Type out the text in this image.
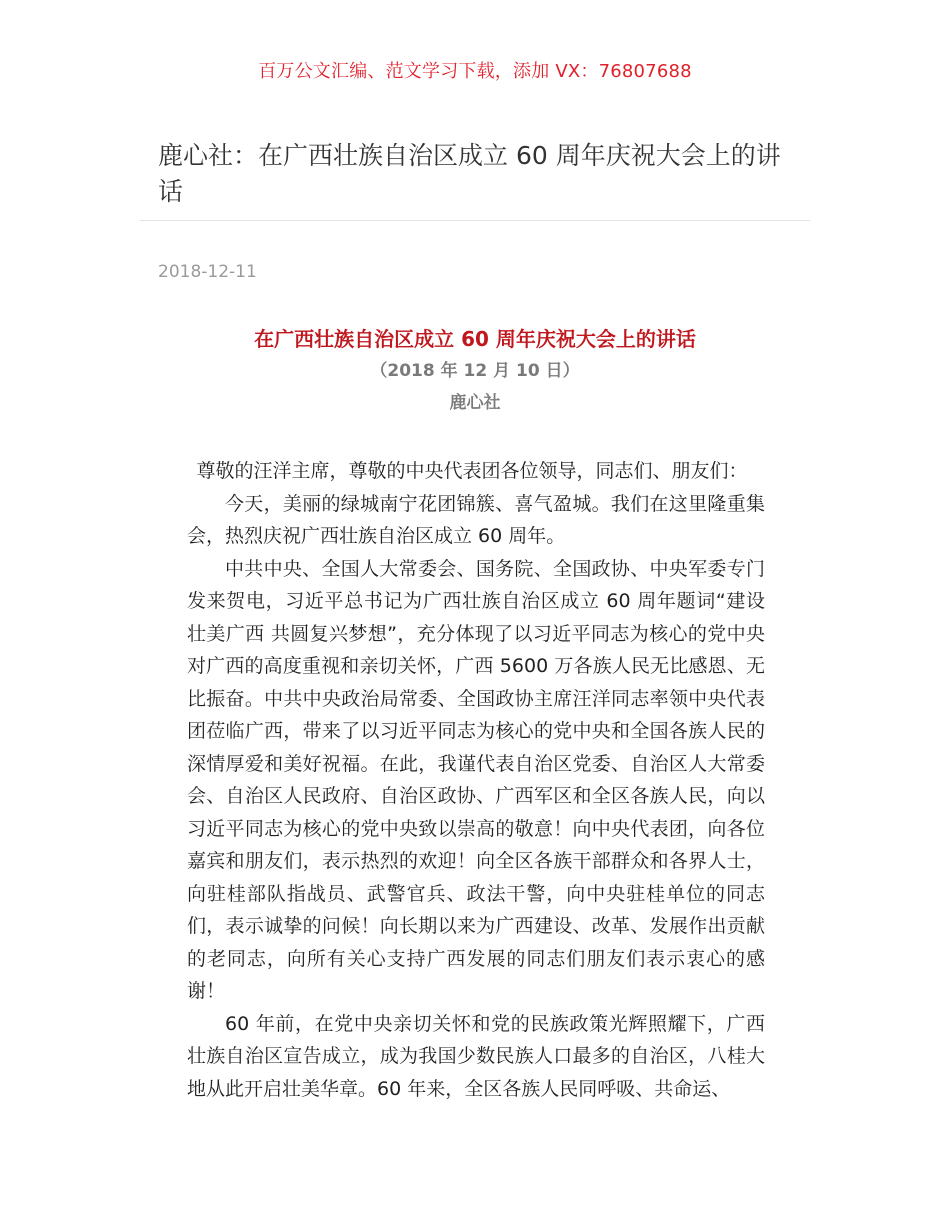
百万公文汇编、范文学习下载，添加 VX：76807688
鹿心社：在广西壮族自治区成立 60 周年庆祝大会上的讲话
2018-12-11
在广西壮族自治区成立 60 周年庆祝大会上的讲话
（2018 年 12 月 10 日）
鹿心社

尊敬的汪洋主席，尊敬的中央代表团各位领导，同志们、朋友们：

今天，美丽的绿城南宁花团锦簇、喜气盈城。我们在这里隆重集会，热烈庆祝广西壮族自治区成立 60 周年。

中共中央、全国人大常委会、国务院、全国政协、中央军委专门发来贺电，习近平总书记为广西壮族自治区成立 60 周年题词“建设壮美广西 共圆复兴梦想”，充分体现了以习近平同志为核心的党中央对广西的高度重视和亲切关怀，广西 5600 万各族人民无比感恩、无比振奋。中共中央政治局常委、全国政协主席汪洋同志率领中央代表团莅临广西，带来了以习近平同志为核心的党中央和全国各族人民的深情厚爱和美好祝福。在此，我谨代表自治区党委、自治区人大常委会、自治区人民政府、自治区政协、广西军区和全区各族人民，向以习近平同志为核心的党中央致以崇高的敬意！向中央代表团，向各位嘉宾和朋友们，表示热烈的欢迎！向全区各族干部群众和各界人士，向驻桂部队指战员、武警官兵、政法干警，向中央驻桂单位的同志们，表示诚挚的问候！向长期以来为广西建设、改革、发展作出贡献的老同志，向所有关心支持广西发展的同志们朋友们表示衷心的感谢！

60 年前，在党中央亲切关怀和党的民族政策光辉照耀下，广西壮族自治区宣告成立，成为我国少数民族人口最多的自治区，八桂大地从此开启壮美华章。60 年来，全区各族人民同呼吸、共命运、
